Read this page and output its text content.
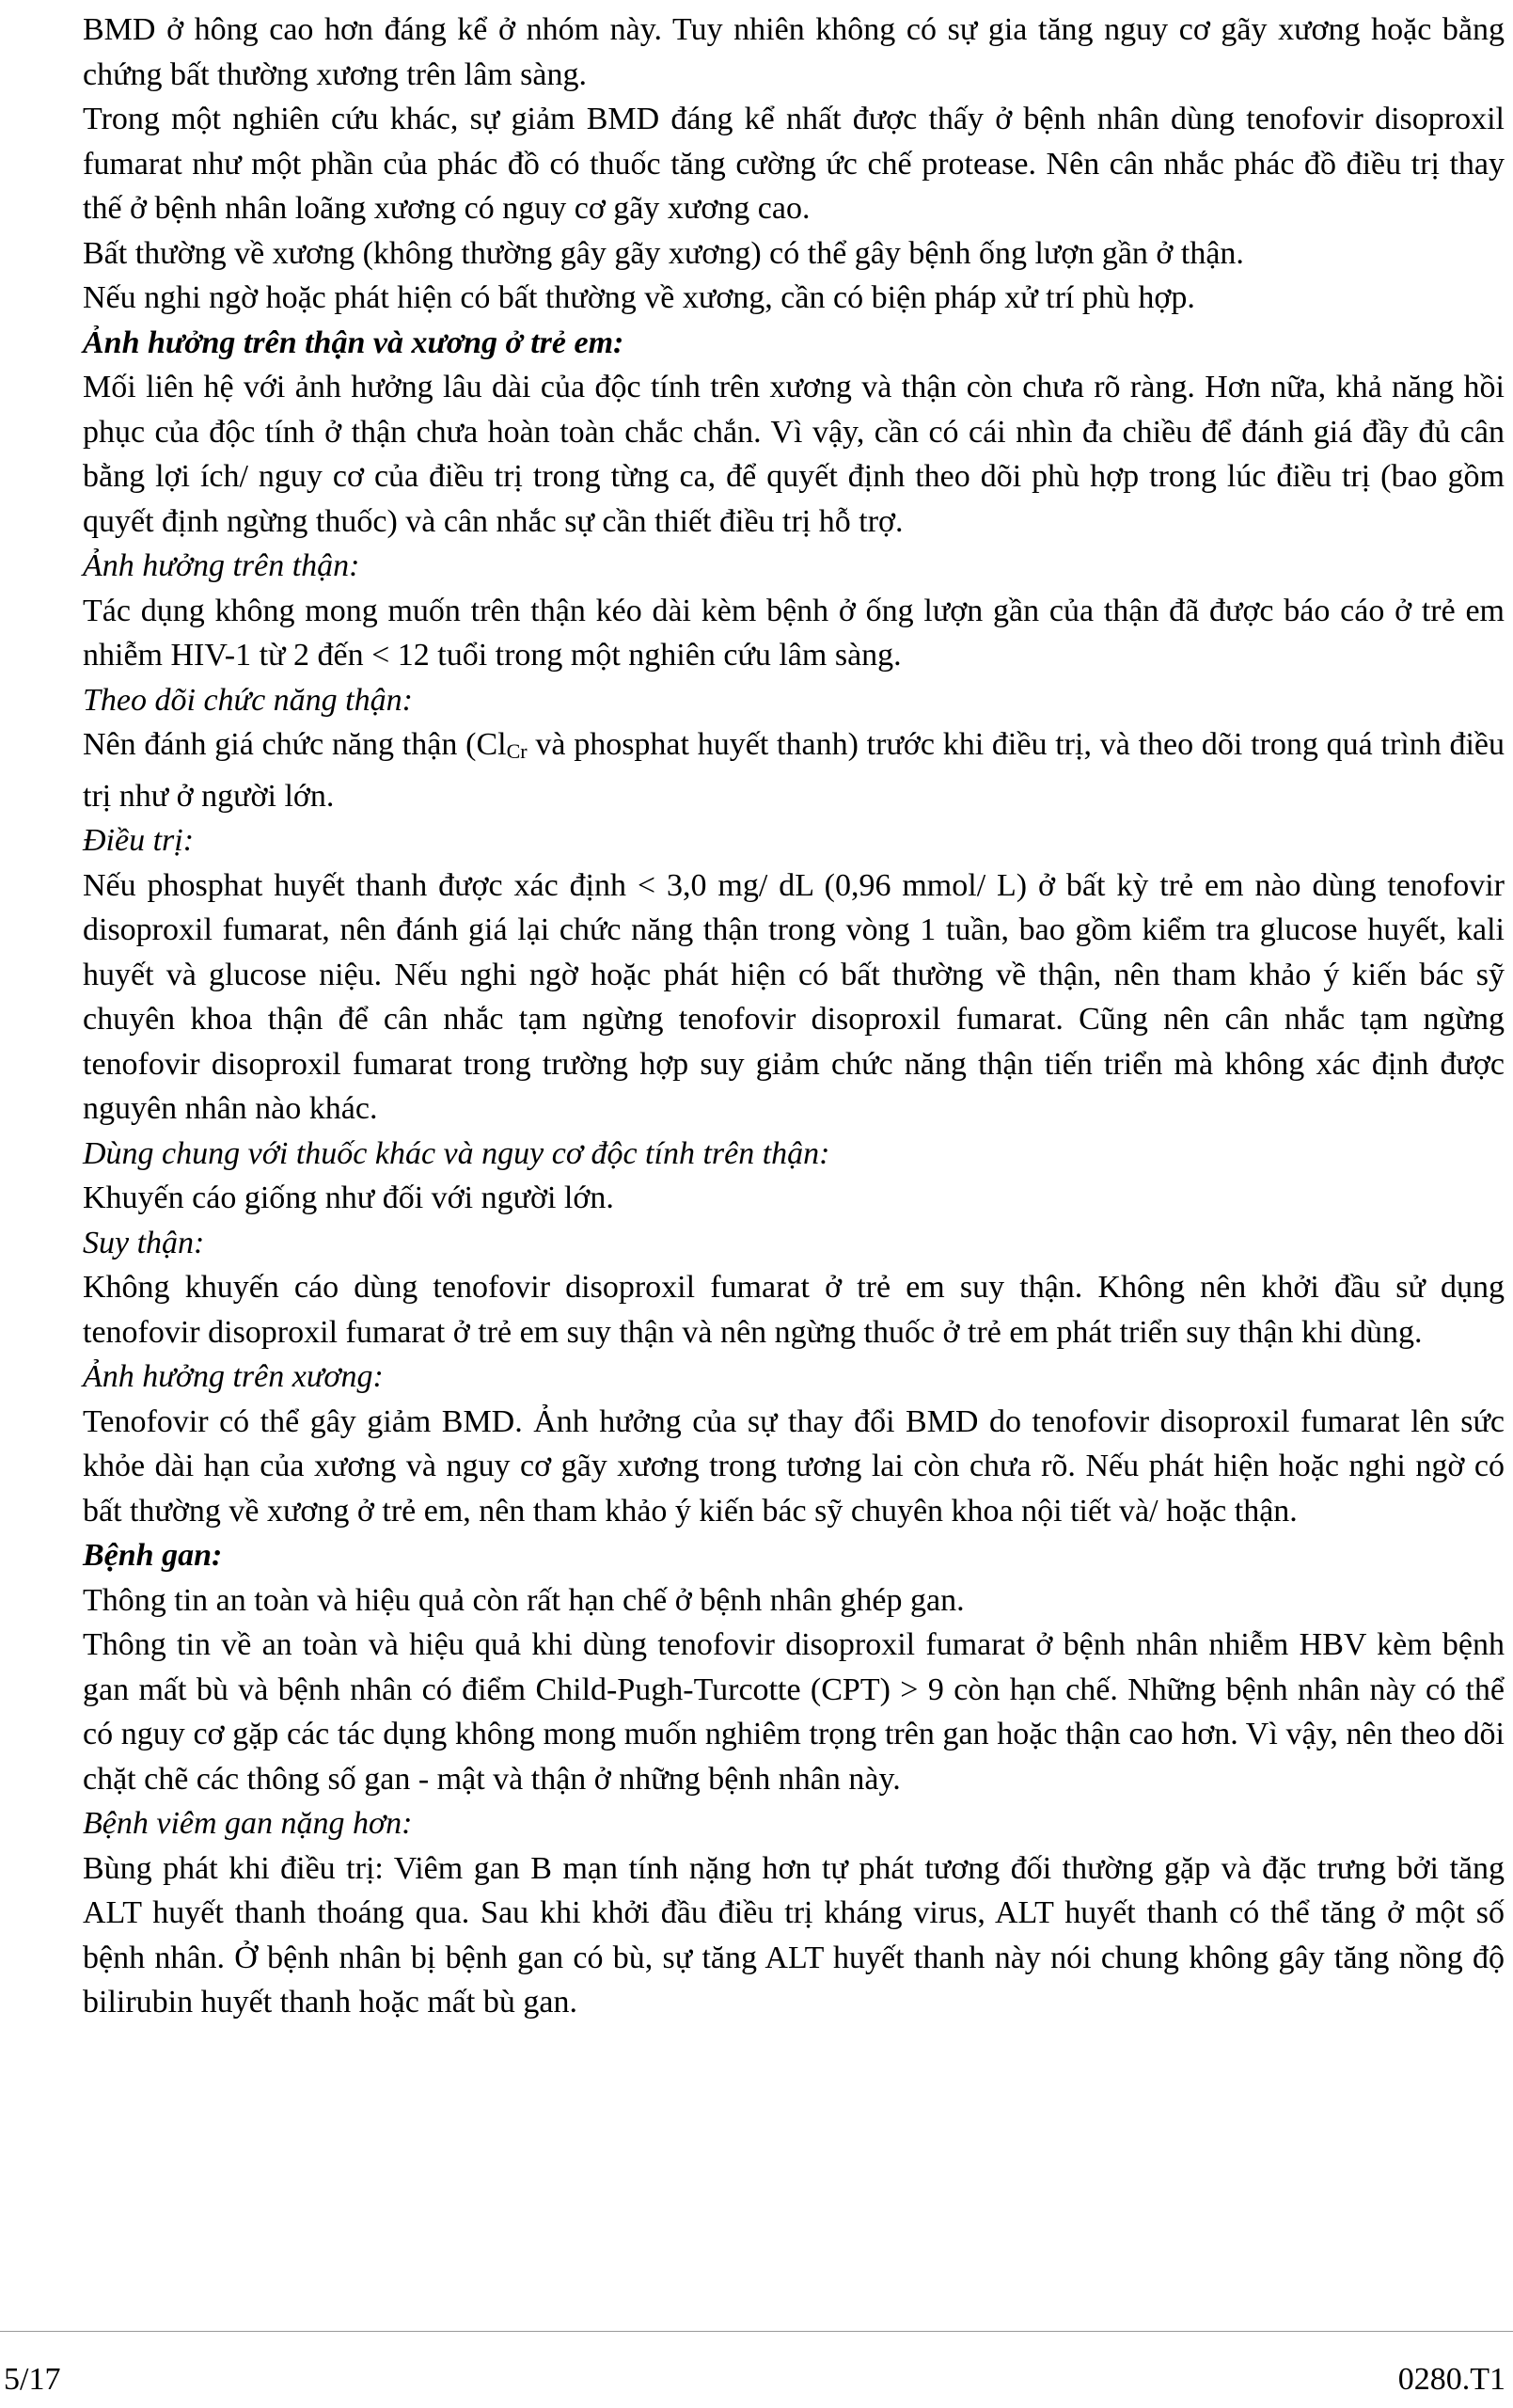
BMD ở hông cao hơn đáng kể ở nhóm này. Tuy nhiên không có sự gia tăng nguy cơ gãy xương hoặc bằng chứng bất thường xương trên lâm sàng.

Trong một nghiên cứu khác, sự giảm BMD đáng kể nhất được thấy ở bệnh nhân dùng tenofovir disoproxil fumarat như một phần của phác đồ có thuốc tăng cường ức chế protease. Nên cân nhắc phác đồ điều trị thay thế ở bệnh nhân loãng xương có nguy cơ gãy xương cao.

Bất thường về xương (không thường gây gãy xương) có thể gây bệnh ống lượn gần ở thận.

Nếu nghi ngờ hoặc phát hiện có bất thường về xương, cần có biện pháp xử trí phù hợp.

Ảnh hưởng trên thận và xương ở trẻ em:

Mối liên hệ với ảnh hưởng lâu dài của độc tính trên xương và thận còn chưa rõ ràng. Hơn nữa, khả năng hồi phục của độc tính ở thận chưa hoàn toàn chắc chắn. Vì vậy, cần có cái nhìn đa chiều để đánh giá đầy đủ cân bằng lợi ích/ nguy cơ của điều trị trong từng ca, để quyết định theo dõi phù hợp trong lúc điều trị (bao gồm quyết định ngừng thuốc) và cân nhắc sự cần thiết điều trị hỗ trợ.

Ảnh hưởng trên thận:

Tác dụng không mong muốn trên thận kéo dài kèm bệnh ở ống lượn gần của thận đã được báo cáo ở trẻ em nhiễm HIV-1 từ 2 đến < 12 tuổi trong một nghiên cứu lâm sàng.

Theo dõi chức năng thận:

Nên đánh giá chức năng thận ($Cl_{Cr}$ và phosphat huyết thanh) trước khi điều trị, và theo dõi trong quá trình điều trị như ở người lớn.

Điều trị:

Nếu phosphat huyết thanh được xác định < 3,0 mg/ dL (0,96 mmol/ L) ở bất kỳ trẻ em nào dùng tenofovir disoproxil fumarat, nên đánh giá lại chức năng thận trong vòng 1 tuần, bao gồm kiểm tra glucose huyết, kali huyết và glucose niệu. Nếu nghi ngờ hoặc phát hiện có bất thường về thận, nên tham khảo ý kiến bác sỹ chuyên khoa thận để cân nhắc tạm ngừng tenofovir disoproxil fumarat. Cũng nên cân nhắc tạm ngừng tenofovir disoproxil fumarat trong trường hợp suy giảm chức năng thận tiến triển mà không xác định được nguyên nhân nào khác.

Dùng chung với thuốc khác và nguy cơ độc tính trên thận:

Khuyến cáo giống như đối với người lớn.

Suy thận:

Không khuyến cáo dùng tenofovir disoproxil fumarat ở trẻ em suy thận. Không nên khởi đầu sử dụng tenofovir disoproxil fumarat ở trẻ em suy thận và nên ngừng thuốc ở trẻ em phát triển suy thận khi dùng.

Ảnh hưởng trên xương:

Tenofovir có thể gây giảm BMD. Ảnh hưởng của sự thay đổi BMD do tenofovir disoproxil fumarat lên sức khỏe dài hạn của xương và nguy cơ gãy xương trong tương lai còn chưa rõ. Nếu phát hiện hoặc nghi ngờ có bất thường về xương ở trẻ em, nên tham khảo ý kiến bác sỹ chuyên khoa nội tiết và/ hoặc thận.

Bệnh gan:

Thông tin an toàn và hiệu quả còn rất hạn chế ở bệnh nhân ghép gan.

Thông tin về an toàn và hiệu quả khi dùng tenofovir disoproxil fumarat ở bệnh nhân nhiễm HBV kèm bệnh gan mất bù và bệnh nhân có điểm Child-Pugh-Turcotte (CPT) > 9 còn hạn chế. Những bệnh nhân này có thể có nguy cơ gặp các tác dụng không mong muốn nghiêm trọng trên gan hoặc thận cao hơn. Vì vậy, nên theo dõi chặt chẽ các thông số gan - mật và thận ở những bệnh nhân này.

Bệnh viêm gan nặng hơn:

Bùng phát khi điều trị: Viêm gan B mạn tính nặng hơn tự phát tương đối thường gặp và đặc trưng bởi tăng ALT huyết thanh thoáng qua. Sau khi khởi đầu điều trị kháng virus, ALT huyết thanh có thể tăng ở một số bệnh nhân. Ở bệnh nhân bị bệnh gan có bù, sự tăng ALT huyết thanh này nói chung không gây tăng nồng độ bilirubin huyết thanh hoặc mất bù gan.

5/17	0280.T1
